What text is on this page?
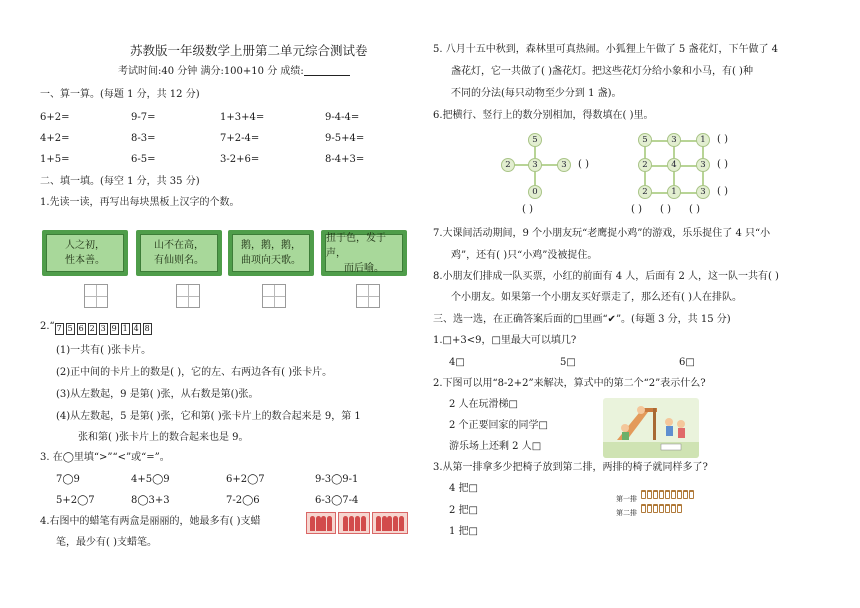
苏教版一年级数学上册第二单元综合测试卷
考试时间:40 分钟 满分:100+10 分 成绩:
一、算一算。(每题 1 分，共 12 分)
6+2=	9-7=	1+3+4=	9-4-4=
4+2=	8-3=	7+2-4=	9-5+4=
1+5=	6-5=	3-2+6=	8-4+3=
二、填一填。(每空 1 分，共 35 分)
1.先读一读，再写出每块黑板上汉字的个数。
人之初，
性本善。
山不在高，
有仙则名。
鹅，鹅，鹅，
曲项向天歌。
扭于色，发于声，
而后喻。
2.“ 7 5 6 2 3 9 1 4 8
(1)一共有( )张卡片。
(2)正中间的卡片上的数是( )，它的左、右两边各有( )张卡片。
(3)从左数起，9 是第( )张，从右数是第()张。
(4)从左数起，5 是第( )张，它和第( )张卡片上的数合起来是 9，第 1
张和第( )张卡片上的数合起来也是 9。
3. 在◯里填“>”“<”或“=”。
7◯9	4+5◯9	6+2◯7	9-3◯9-1
5+2◯7	8◯3+3	7-2◯6	6-3◯7-4
4.右图中的蜡笔有两盒是丽丽的，她最多有( )支蜡
笔，最少有( )支蜡笔。
5. 八月十五中秋到，森林里可真热闹。小狐狸上午做了 5 盏花灯，下午做了 4
盏花灯，它一共做了( )盏花灯。把这些花灯分给小象和小马，有( )种
不同的分法(每只动物至少分到 1 盏)。
6.把横行、竖行上的数分别相加，得数填在( )里。
5
2	3	3
0
( )
( )
5	3	1
2	4	3
2	1	3
( )
( )
( )
( ) ( ) ( )
7.大课间活动期间，9 个小朋友玩“老鹰捉小鸡”的游戏，乐乐捉住了 4 只“小
鸡”，还有( )只“小鸡”没被捉住。
8.小朋友们排成一队买票，小红的前面有 4 人，后面有 2 人，这一队一共有( )
个小朋友。如果第一个小朋友买好票走了，那么还有( )人在排队。
三、选一选，在正确答案后面的□里画“✔”。(每题 3 分，共 15 分)
1.□+3<9，□里最大可以填几?
4□	5□	6□
2.下图可以用“8-2+2”来解决，算式中的第二个“2”表示什么?
2 人在玩滑梯□
2 个正要回家的同学□
游乐场上还剩 2 人□
3.从第一排拿多少把椅子放到第二排，两排的椅子就同样多了?
4 把□
2 把□
1 把□
第一排
第二排
